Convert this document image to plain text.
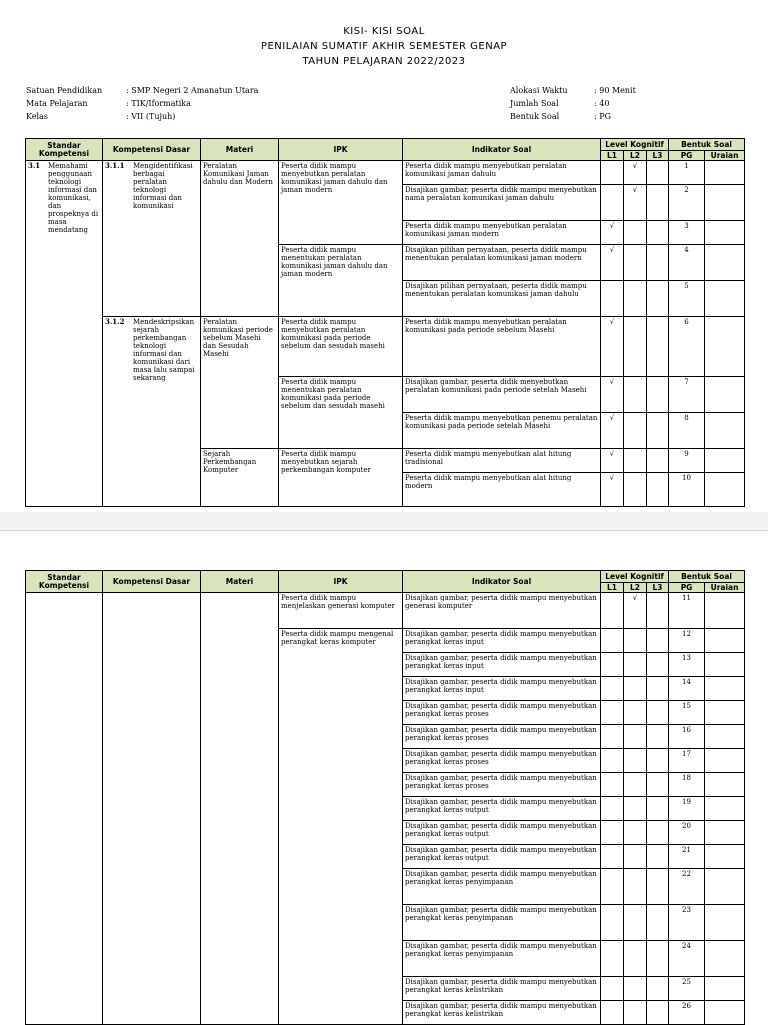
KISI- KISI SOAL
PENILAIAN SUMATIF AKHIR SEMESTER GENAP
TAHUN PELAJARAN 2022/2023
Satuan Pendidikan	: SMP Negeri 2 Amanatun Utara
Mata Pelajaran	: TIK/Iformatika
Kelas	: VII (Tujuh)
Alokasi Waktu	: 90 Menit
Jumlah Soal	: 40
Bentuk Soal	: PG
Standar Kompetensi	Kompetensi Dasar	Materi	IPK	Indikator Soal	Level Kognitif			Bentuk Soal	
					L1	L2	L3	PG	Uraian

3.1 Memahami penggunaan teknologi informasi dan komunikasi, dan prospeknya di masa mendatang	3.1.1 Mengidentifikasi berbagai peralatan teknologi informasi dan komunikasi	Peralatan Komunikasi Jaman dahulu dan Modern	Peserta didik mampu menyebutkan peralatan komunikasi jaman dahulu dan jaman modern	Peserta didik mampu menyebutkan peralatan komunikasi jaman dahulu		√		1	
				Disajikan gambar, peserta didik mampu menyebutkan nama peralatan komunikasi jaman dahulu		√		2	
				Peserta didik mampu menyebutkan peralatan komunikasi jaman modern	√			3	
			Peserta didik mampu menentukan peralatan komunikasi jaman dahulu dan jaman modern	Disajikan pilihan pernyataan, peserta didik mampu menentukan peralatan komunikasi jaman modern	√			4	
				Disajikan pilihan pernyataan, peserta didik mampu menentukan peralatan komunikasi jaman dahulu				5	

	3.1.2 Mendeskripsikan sejarah perkembangan teknologi informasi dan komunikasi dari masa lalu sampai sekarang	Peralatan komunikasi periode sebelum Masehi dan Sesudah Masehi	Peserta didik mampu menyebutkan peralatan komunikasi pada periode sebelum dan sesudah masehi	Peserta didik mampu menyebutkan peralatan komunikasi pada periode sebelum Masehi	√			6	
			Peserta didik mampu menentukan peralatan komunikasi pada periode sebelum dan sesudah masehi	Disajikan gambar, peserta didik menyebutkan peralatan komunikasi pada periode setelah Masehi	√			7	
				Peserta didik mampu menyebutkan penemu peralatan komunikasi pada periode setelah Masehi	√			8	
		Sejarah Perkembangan Komputer	Peserta didik mampu menyebutkan sejarah perkembangan komputer	Peserta didik mampu menyebutkan alat hitung tradisional	√			9	
				Peserta didik mampu menyebutkan alat hitung modern	√			10	
Standar Kompetensi	Kompetensi Dasar	Materi	IPK	Indikator Soal	Level Kognitif			Bentuk Soal	
					L1	L2	L3	PG	Uraian
			Peserta didik mampu menjelaskan generasi komputer	Disajikan gambar, peserta didik mampu menyebutkan generasi komputer		√		11	
			Peserta didik mampu mengenal perangkat keras komputer	Disajikan gambar, peserta didik mampu menyebutkan perangkat keras input				12	
				Disajikan gambar, peserta didik mampu menyebutkan perangkat keras input				13	
				Disajikan gambar, peserta didik mampu menyebutkan perangkat keras input				14	
				Disajikan gambar, peserta didik mampu menyebutkan perangkat keras proses				15	
				Disajikan gambar, peserta didik mampu menyebutkan perangkat keras proses				16	
				Disajikan gambar, peserta didik mampu menyebutkan perangkat keras proses				17	
				Disajikan gambar, peserta didik mampu menyebutkan perangkat keras proses				18	
				Disajikan gambar, peserta didik mampu menyebutkan perangkat keras output				19	
				Disajikan gambar, peserta didik mampu menyebutkan perangkat keras output				20	
				Disajikan gambar, peserta didik mampu menyebutkan perangkat keras output				21	
				Disajikan gambar, peserta didik mampu menyebutkan perangkat keras penyimpanan				22	
				Disajikan gambar, peserta didik mampu menyebutkan perangkat keras penyimpanan				23	
				Disajikan gambar, peserta didik mampu menyebutkan perangkat keras penyimpanan				24	
				Disajikan gambar, peserta didik mampu menyebutkan perangkat keras kelistrikan				25	
				Disajikan gambar, peserta didik mampu menyebutkan perangkat keras kelistrikan				26	
